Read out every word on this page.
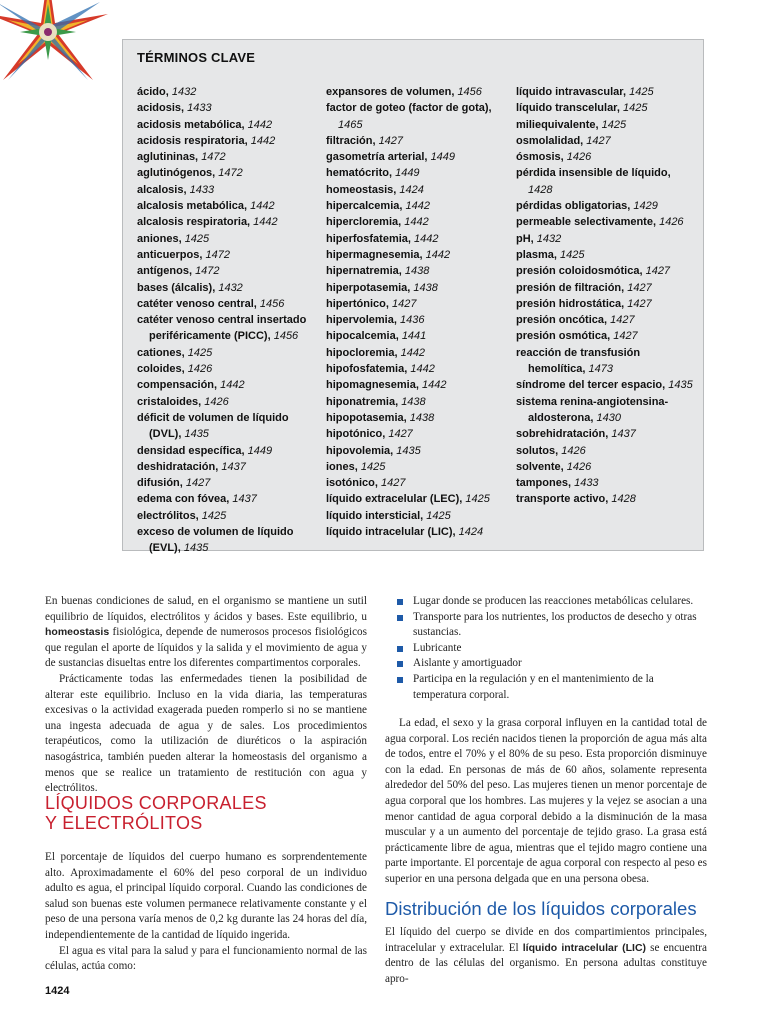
TÉRMINOS CLAVE
ácido, 1432
acidosis, 1433
acidosis metabólica, 1442
acidosis respiratoria, 1442
aglutininas, 1472
aglutinógenos, 1472
alcalosis, 1433
alcalosis metabólica, 1442
alcalosis respiratoria, 1442
aniones, 1425
anticuerpos, 1472
antígenos, 1472
bases (álcalis), 1432
catéter venoso central, 1456
catéter venoso central insertado periféricamente (PICC), 1456
cationes, 1425
coloides, 1426
compensación, 1442
cristaloides, 1426
déficit de volumen de líquido (DVL), 1435
densidad específica, 1449
deshidratación, 1437
difusión, 1427
edema con fóvea, 1437
electrólitos, 1425
exceso de volumen de líquido (EVL), 1435
expansores de volumen, 1456
factor de goteo (factor de gota), 1465
filtración, 1427
gasometría arterial, 1449
hematócrito, 1449
homeostasis, 1424
hipercalcemia, 1442
hipercloremia, 1442
hiperfosfatemia, 1442
hipermagnesemia, 1442
hipernatremia, 1438
hiperpotasemia, 1438
hipertónico, 1427
hipervolemia, 1436
hipocalcemia, 1441
hipocloremia, 1442
hipofosfatemia, 1442
hipomagnesemia, 1442
hiponatremia, 1438
hipopotasemia, 1438
hipotónico, 1427
hipovolemia, 1435
iones, 1425
isotónico, 1427
líquido extracelular (LEC), 1425
líquido intersticial, 1425
líquido intracelular (LIC), 1424
líquido intravascular, 1425
líquido transcelular, 1425
miliequivalente, 1425
osmolalidad, 1427
ósmosis, 1426
pérdida insensible de líquido, 1428
pérdidas obligatorias, 1429
permeable selectivamente, 1426
pH, 1432
plasma, 1425
presión coloidosmótica, 1427
presión de filtración, 1427
presión hidrostática, 1427
presión oncótica, 1427
presión osmótica, 1427
reacción de transfusión hemolítica, 1473
síndrome del tercer espacio, 1435
sistema renina-angiotensina-aldosterona, 1430
sobrehidratación, 1437
solutos, 1426
solvente, 1426
tampones, 1433
transporte activo, 1428

En buenas condiciones de salud, en el organismo se mantiene un sutil equilibrio de líquidos, electrólitos y ácidos y bases. Este equilibrio, u homeostasis fisiológica, depende de numerosos procesos fisiológicos que regulan el aporte de líquidos y la salida y el movimiento de agua y de sustancias disueltas entre los diferentes compartimentos corporales.

Prácticamente todas las enfermedades tienen la posibilidad de alterar este equilibrio. Incluso en la vida diaria, las temperaturas excesivas o la actividad exagerada pueden romperlo si no se mantiene una ingesta adecuada de agua y de sales. Los procedimientos terapéuticos, como la utilización de diuréticos o la aspiración nasogástrica, también pueden alterar la homeostasis del organismo a menos que se realice un tratamiento de restitución con agua y electrólitos.

LÍQUIDOS CORPORALES
Y ELECTRÓLITOS

El porcentaje de líquidos del cuerpo humano es sorprendentemente alto. Aproximadamente el 60% del peso corporal de un individuo adulto es agua, el principal líquido corporal. Cuando las condiciones de salud son buenas este volumen permanece relativamente constante y el peso de una persona varía menos de 0,2 kg durante las 24 horas del día, independientemente de la cantidad de líquido ingerida.

El agua es vital para la salud y para el funcionamiento normal de las células, actúa como:

Lugar donde se producen las reacciones metabólicas celulares.
Transporte para los nutrientes, los productos de desecho y otras sustancias.
Lubricante
Aislante y amortiguador
Participa en la regulación y en el mantenimiento de la temperatura corporal.

La edad, el sexo y la grasa corporal influyen en la cantidad total de agua corporal. Los recién nacidos tienen la proporción de agua más alta de todos, entre el 70% y el 80% de su peso. Esta proporción disminuye con la edad. En personas de más de 60 años, solamente representa alrededor del 50% del peso. Las mujeres tienen un menor porcentaje de agua corporal que los hombres. Las mujeres y la vejez se asocian a una menor cantidad de agua corporal debido a la disminución de la masa muscular y a un aumento del porcentaje de tejido graso. La grasa está prácticamente libre de agua, mientras que el tejido magro contiene una parte importante. El porcentaje de agua corporal con respecto al peso es superior en una persona delgada que en una persona obesa.

Distribución de los líquidos corporales

El líquido del cuerpo se divide en dos compartimientos principales, intracelular y extracelular. El líquido intracelular (LIC) se encuentra dentro de las células del organismo. En persona adultas constituye apro-

1424
